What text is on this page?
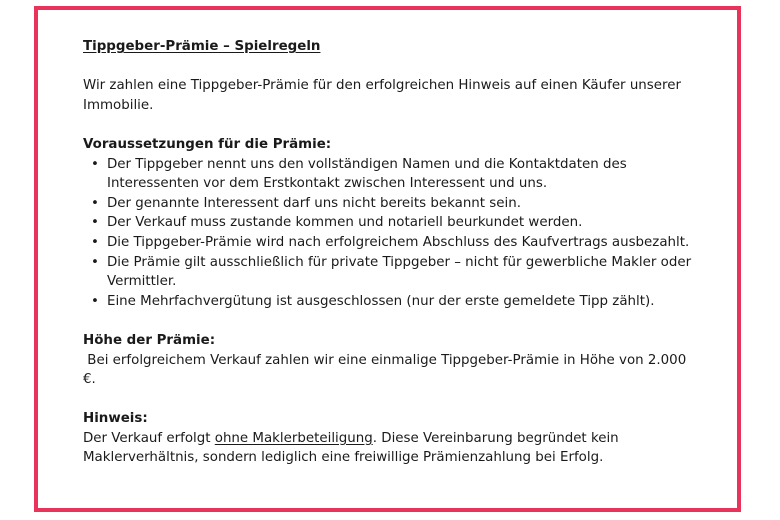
Tippgeber-Prämie – Spielregeln

Wir zahlen eine Tippgeber-Prämie für den erfolgreichen Hinweis auf einen Käufer unserer Immobilie.

Voraussetzungen für die Prämie:

• Der Tippgeber nennt uns den vollständigen Namen und die Kontaktdaten des Interessenten vor dem Erstkontakt zwischen Interessent und uns.
• Der genannte Interessent darf uns nicht bereits bekannt sein.
• Der Verkauf muss zustande kommen und notariell beurkundet werden.
• Die Tippgeber-Prämie wird nach erfolgreichem Abschluss des Kaufvertrags ausbezahlt.
• Die Prämie gilt ausschließlich für private Tippgeber – nicht für gewerbliche Makler oder Vermittler.
• Eine Mehrfachvergütung ist ausgeschlossen (nur der erste gemeldete Tipp zählt).

Höhe der Prämie:

Bei erfolgreichem Verkauf zahlen wir eine einmalige Tippgeber-Prämie in Höhe von 2.000 €.

Hinweis:

Der Verkauf erfolgt ohne Maklerbeteiligung. Diese Vereinbarung begründet kein Maklerverhältnis, sondern lediglich eine freiwillige Prämienzahlung bei Erfolg.
